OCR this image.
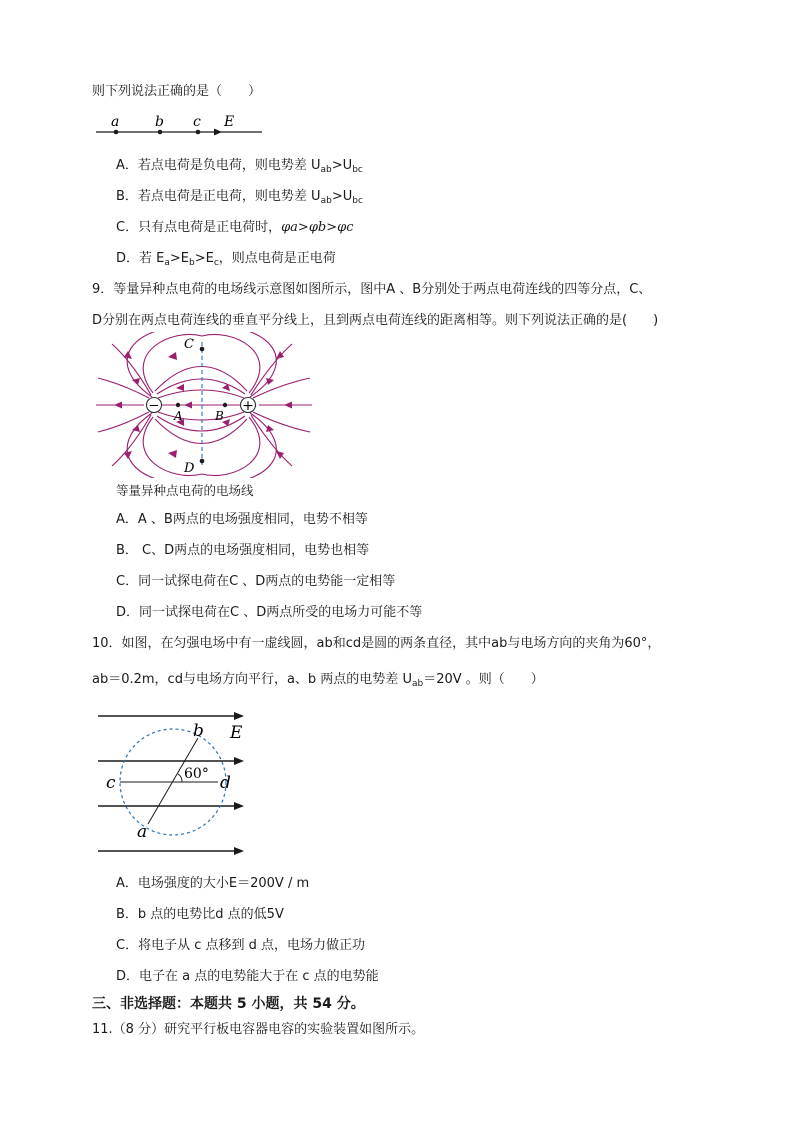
则下列说法正确的是（　　）
a	b c E
A．若点电荷是负电荷，则电势差 $U_{ab}>U_{bc}$
B．若点电荷是正电荷，则电势差 $U_{ab}>U_{bc}$
C．只有点电荷是正电荷时，φa>φb>φc
D．若 $E_a>E_b>E_c$，则点电荷是正电荷
9．等量异种点电荷的电场线示意图如图所示，图中A 、B分别处于两点电荷连线的四等分点，C、
D分别在两点电荷连线的垂直平分线上，且到两点电荷连线的距离相等。则下列说法正确的是(　　)
−	+
C
D
A	B
等量异种点电荷的电场线
A．A 、B两点的电场强度相同，电势不相等
B． C、D两点的电场强度相同，电势也相等
C．同一试探电荷在C 、D两点的电势能一定相等
D．同一试探电荷在C 、D两点所受的电场力可能不等
10．如图，在匀强电场中有一虚线圆，ab和cd是圆的两条直径，其中ab与电场方向的夹角为60°，
ab＝0.2m，cd与电场方向平行，a、b 两点的电势差 $U_{ab}=20V$ 。则（　　）
b E
60°
c	d
a
A．电场强度的大小E＝200V / m
B．b 点的电势比d 点的低5V
C．将电子从 c 点移到 d 点，电场力做正功
D．电子在 a 点的电势能大于在 c 点的电势能
三、非选择题：本题共 5 小题，共 54 分。
11.（8 分）研究平行板电容器电容的实验装置如图所示。
